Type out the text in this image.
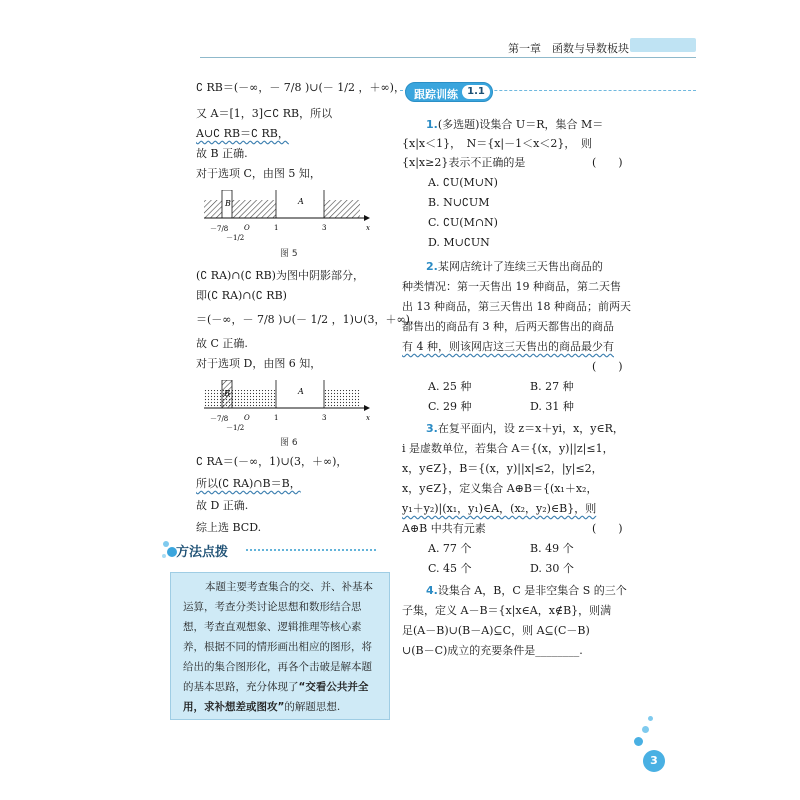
第一章　函数与导数板块
∁ RB＝(－∞，－ 7/8 )∪(－ 1/2 ，＋∞)，
又 A＝[1，3]⊂∁ RB，所以
A∪∁ RB＝∁ RB，
故 B 正确.
对于选项 C，由图 5 知，
B	A
－7/8
－1/2
O	1	3	x
图 5
(∁ RA)∩(∁ RB)为图中阴影部分，
即(∁ RA)∩(∁ RB)
＝(－∞，－ 7/8 )∪(－ 1/2 ，1)∪(3，＋∞)，
故 C 正确.
对于选项 D，由图 6 知，
B	A
－7/8
－1/2
O	1	3	x
图 6
∁ RA＝(－∞，1)∪(3，＋∞)，
所以(∁ RA)∩B＝B，
故 D 正确.
综上选 BCD.
方法点拨
本题主要考查集合的交、并、补基本运算，考查分类讨论思想和数形结合思想，考查直观想象、逻辑推理等核心素养，根据不同的情形画出相应的图形，将给出的集合图形化，再各个击破是解本题的基本思路，充分体现了“交看公共并全用，求补想差或图攻”的解题思想.
跟踪训练 1.1
1.(多选题)设集合 U＝R，集合 M＝
{x|x＜1}，　N＝{x|－1＜x＜2}，　则
{x|x≥2}表示不正确的是	(　　)
A. ∁U(M∪N)
B. N∪∁UM
C. ∁U(M∩N)
D. M∪∁UN
2.某网店统计了连续三天售出商品的
种类情况：第一天售出 19 种商品，第二天售
出 13 种商品，第三天售出 18 种商品；前两天
都售出的商品有 3 种，后两天都售出的商品
有 4 种，则该网店这三天售出的商品最少有
(　　)
A. 25 种	B. 27 种
C. 29 种	D. 31 种
3.在复平面内，设 z＝x＋yi，x，y∈R，
i 是虚数单位，若集合 A＝{(x，y)||z|≤1，
x，y∈Z}，B＝{(x，y)||x|≤2，|y|≤2，
x，y∈Z}，定义集合 A⊕B＝{(x₁＋x₂，
y₁＋y₂)|(x₁，y₁)∈A，(x₂，y₂)∈B}，则
A⊕B 中共有元素	(　　)
A. 77 个	B. 49 个
C. 45 个	D. 30 个
4.设集合 A，B，C 是非空集合 S 的三个
子集，定义 A－B＝{x|x∈A，x∉B}，则满
足(A－B)∪(B－A)⊆C，则 A⊆(C－B)
∪(B－C)成立的充要条件是________.
3
